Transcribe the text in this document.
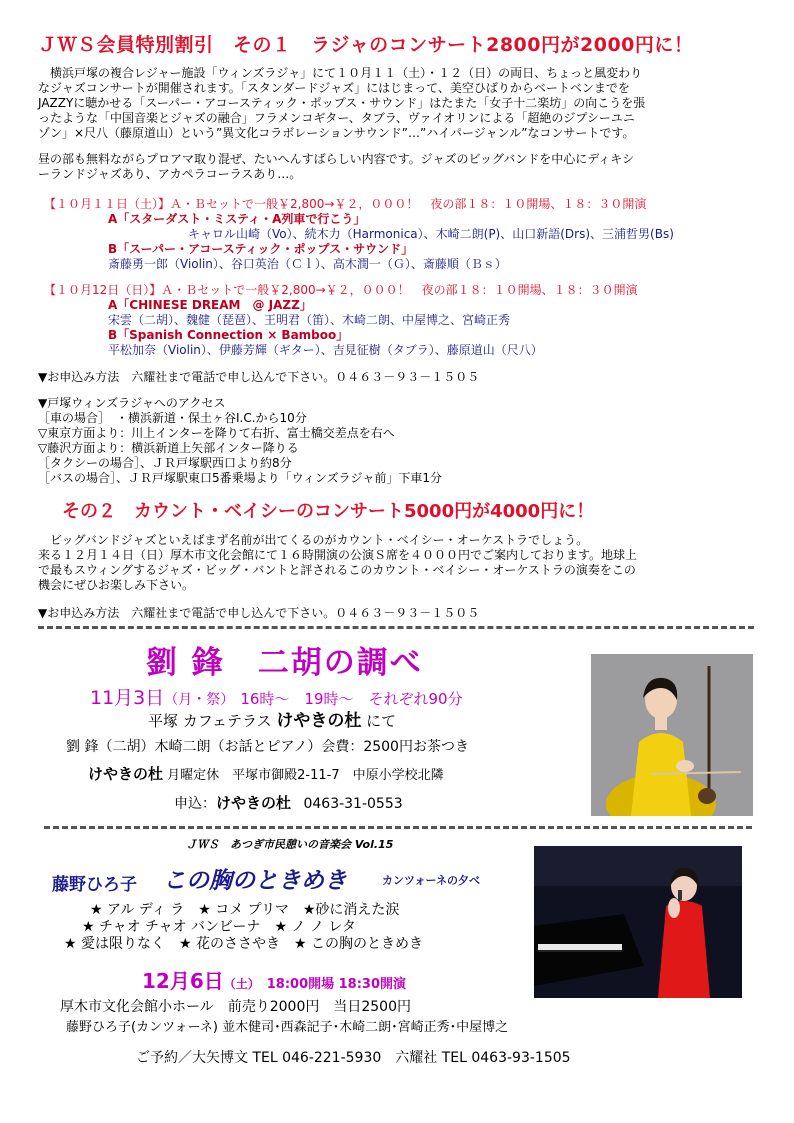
ＪＷＳ会員特別割引　その１　ラジャのコンサート2800円が2000円に！
　横浜戸塚の複合レジャー施設「ウィンズラジャ」にて１０月１１（土）・１２（日）の両日、ちょっと風変わり
なジャズコンサートが開催されます。「スタンダードジャズ」にはじまって、美空ひばりからベートベンまでを
JAZZYに聴かせる「スーパー・アコースティック・ポップス・サウンド」はたまた「女子十二楽坊」の向こうを張
ったような「中国音楽とジャズの融合」フラメンコギター、タブラ、ヴァイオリンによる「超絶のジプシーユニ
ゾン」×尺八（藤原道山）という”異文化コラボレーションサウンド”…”ハイパージャンル”なコンサートです。
昼の部も無料ながらプロアマ取り混ぜ、たいへんすばらしい内容です。ジャズのビッグバンドを中心にディキシ
ーランドジャズあり、アカペラコーラスあり…。
【１０月１１日（土）】Ａ・Ｂセットで一般￥2,800→￥２，０００！　夜の部１８：１０開場、１８：３０開演
A「スターダスト・ミスティ・A列車で行こう」
キャロル山崎（Vo）、続木力（Harmonica）、木崎二朗(P)、山口新語(Drs)、三浦哲男(Bs)
B「スーパー・アコースティック・ポップス・サウンド」
斎藤勇一郎（Violin）、谷口英治（Ｃｌ）、高木潤一（Ｇ）、斎藤順（Ｂｓ）
【１０月12日（日）】Ａ・Ｂセットで一般￥2,800→￥２，０００！　夜の部１８：１０開場、１８：３０開演
A「CHINESE DREAM　@ JAZZ」
宋雲（二胡）、魏健（琵琶）、王明君（笛）、木崎二朗、中屋博之、宮崎正秀
B「Spanish Connection × Bamboo」
平松加奈（Violin）、伊藤芳輝（ギター）、吉見征樹（タブラ）、藤原道山（尺八）
▼お申込み方法　六耀社まで電話で申し込んで下さい。０４６３－９３－１５０５
▼戸塚ウィンズラジャへのアクセス
［車の場合］　・横浜新道・保土ヶ谷I.C.から10分
▽東京方面より：川上インターを降りて右折、富士橋交差点を右へ
▽藤沢方面より：横浜新道上矢部インター降りる
［タクシーの場合］、ＪＲ戸塚駅西口より約8分
［バスの場合］、ＪＲ戸塚駅東口5番乗場より「ウィンズラジャ前」下車1分
その２　カウント・ベイシーのコンサート5000円が4000円に！
　ビッグバンドジャズといえばまず名前が出てくるのがカウント・ベイシー・オーケストラでしょう。
来る１２月１４日（日）厚木市文化会館にて１６時開演の公演Ｓ席を４０００円でご案内しております。地球上
で最もスウィングするジャズ・ビッグ・バントと評されるこのカウント・ベイシー・オーケストラの演奏をこの
機会にぜひお楽しみ下さい。
▼お申込み方法　六耀社まで電話で申し込んで下さい。０４６３－９３－１５０５
劉 鋒　二胡の調べ
11月3日（月・祭） 16時～　19時～　それぞれ90分
平塚 カフェテラス けやきの杜 にて
劉 鋒（二胡）木崎二朗（お話とピアノ）会費：2500円お茶つき
けやきの杜 月曜定休　平塚市御殿2-11-7　中原小学校北隣
申込：けやきの杜 0463-31-0553
ＪＷＳ　あつぎ市民憩いの音楽会 Vol.15
藤野ひろ子 この胸のときめき	カンツォーネの夕べ
★ アル ディ ラ　★ コメ プリマ　★砂に消えた涙
★ チャオ チャオ バンビーナ　★ ノ ノ レタ
★ 愛は限りなく　★ 花のささやき　★ この胸のときめき
12月6日（土） 18:00開場 18:30開演
厚木市文化会館小ホール　前売り2000円　当日2500円
藤野ひろ子(カンツォーネ) 並木健司･西森記子･木崎二朗･宮崎正秀･中屋博之
ご予約／大矢博文 TEL 046-221-5930　六耀社 TEL 0463-93-1505
